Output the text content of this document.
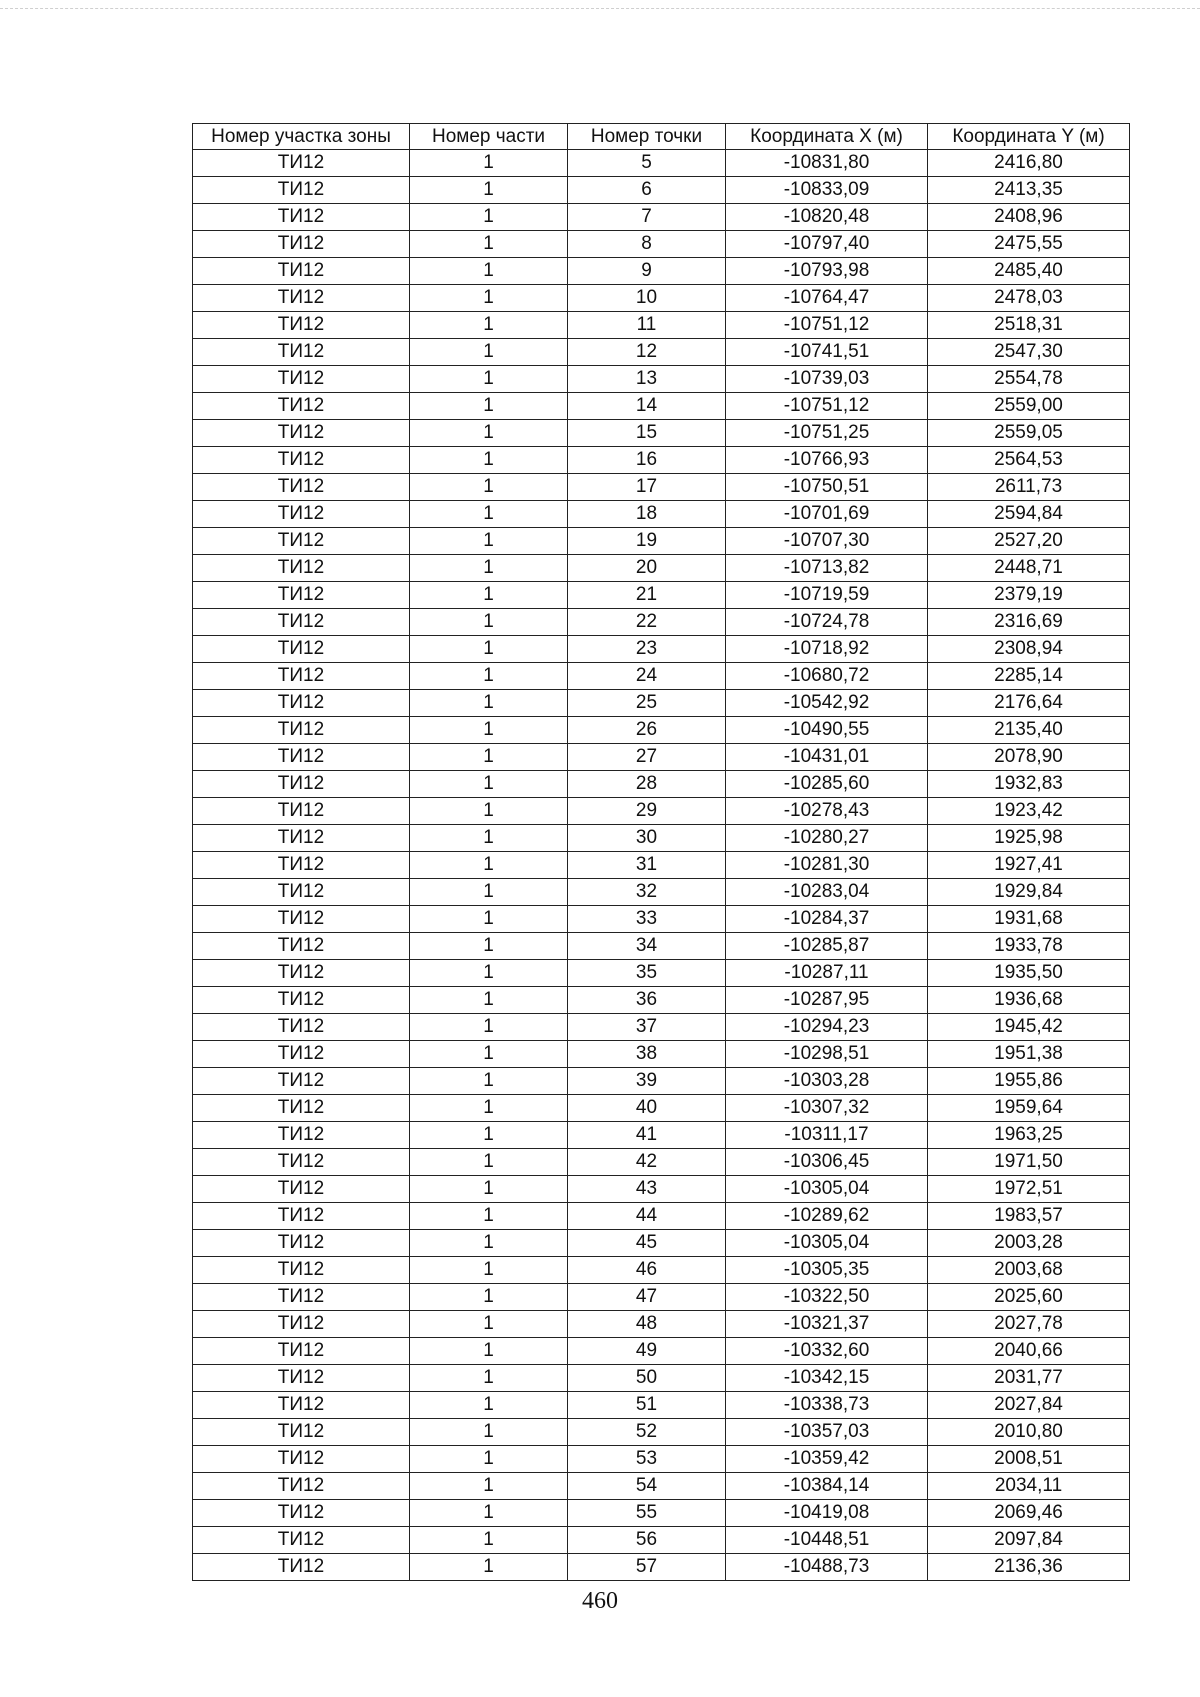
Номер участка зоны	Номер части	Номер точки	Координата X (м)	Координата Y (м)
ТИ12	1	5	-10831,80	2416,80
ТИ12	1	6	-10833,09	2413,35
ТИ12	1	7	-10820,48	2408,96
ТИ12	1	8	-10797,40	2475,55
ТИ12	1	9	-10793,98	2485,40
ТИ12	1	10	-10764,47	2478,03
ТИ12	1	11	-10751,12	2518,31
ТИ12	1	12	-10741,51	2547,30
ТИ12	1	13	-10739,03	2554,78
ТИ12	1	14	-10751,12	2559,00
ТИ12	1	15	-10751,25	2559,05
ТИ12	1	16	-10766,93	2564,53
ТИ12	1	17	-10750,51	2611,73
ТИ12	1	18	-10701,69	2594,84
ТИ12	1	19	-10707,30	2527,20
ТИ12	1	20	-10713,82	2448,71
ТИ12	1	21	-10719,59	2379,19
ТИ12	1	22	-10724,78	2316,69
ТИ12	1	23	-10718,92	2308,94
ТИ12	1	24	-10680,72	2285,14
ТИ12	1	25	-10542,92	2176,64
ТИ12	1	26	-10490,55	2135,40
ТИ12	1	27	-10431,01	2078,90
ТИ12	1	28	-10285,60	1932,83
ТИ12	1	29	-10278,43	1923,42
ТИ12	1	30	-10280,27	1925,98
ТИ12	1	31	-10281,30	1927,41
ТИ12	1	32	-10283,04	1929,84
ТИ12	1	33	-10284,37	1931,68
ТИ12	1	34	-10285,87	1933,78
ТИ12	1	35	-10287,11	1935,50
ТИ12	1	36	-10287,95	1936,68
ТИ12	1	37	-10294,23	1945,42
ТИ12	1	38	-10298,51	1951,38
ТИ12	1	39	-10303,28	1955,86
ТИ12	1	40	-10307,32	1959,64
ТИ12	1	41	-10311,17	1963,25
ТИ12	1	42	-10306,45	1971,50
ТИ12	1	43	-10305,04	1972,51
ТИ12	1	44	-10289,62	1983,57
ТИ12	1	45	-10305,04	2003,28
ТИ12	1	46	-10305,35	2003,68
ТИ12	1	47	-10322,50	2025,60
ТИ12	1	48	-10321,37	2027,78
ТИ12	1	49	-10332,60	2040,66
ТИ12	1	50	-10342,15	2031,77
ТИ12	1	51	-10338,73	2027,84
ТИ12	1	52	-10357,03	2010,80
ТИ12	1	53	-10359,42	2008,51
ТИ12	1	54	-10384,14	2034,11
ТИ12	1	55	-10419,08	2069,46
ТИ12	1	56	-10448,51	2097,84
ТИ12	1	57	-10488,73	2136,36
460
